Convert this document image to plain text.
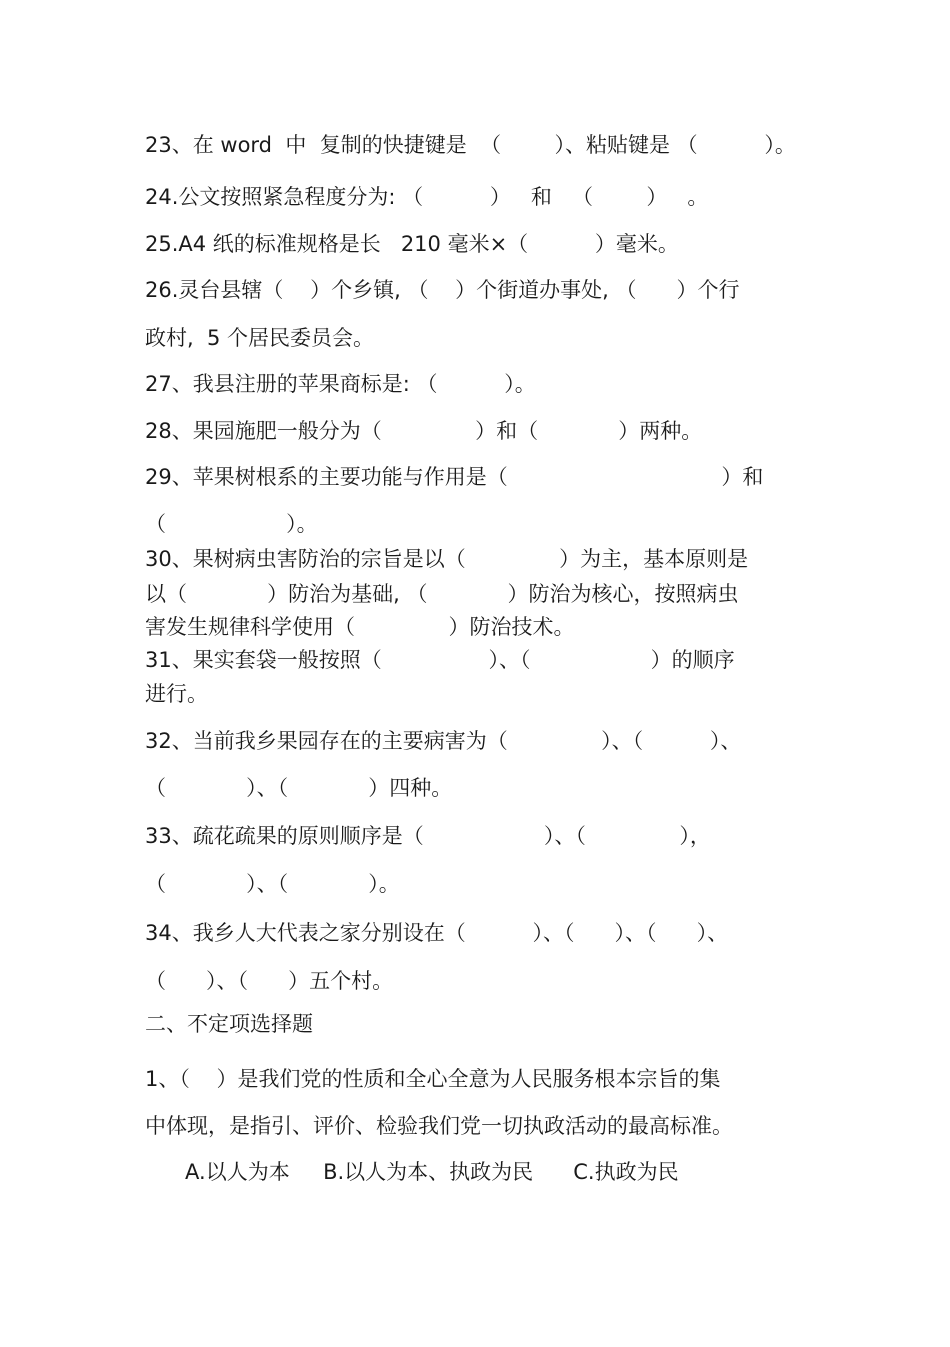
23、在 word  中  复制的快捷键是  （        ）、粘贴键是 （          ）。
24.公文按照紧急程度分为: （          ）   和   （        ）   。
25.A4 纸的标准规格是长   210 毫米×（          ）毫米。
26.灵台县辖（    ）个乡镇, （    ）个街道办事处, （      ）个行
政村,  5 个居民委员会。
27、我县注册的苹果商标是: （          ）。
28、果园施肥一般分为（              ）和（            ）两种。
29、苹果树根系的主要功能与作用是（                                ）和
（                  ）。
30、果树病虫害防治的宗旨是以（              ）为主，基本原则是
以（            ）防治为基础, （            ）防治为核心，按照病虫
害发生规律科学使用（              ）防治技术。
31、果实套袋一般按照（                ）、（                  ）的顺序
进行。
32、当前我乡果园存在的主要病害为（              ）、（          ）、
（            ）、（            ）四种。
33、疏花疏果的原则顺序是（                  ）、（              ），
（            ）、（            ）。
34、我乡人大代表之家分别设在（          ）、（      ）、（      ）、
（      ）、（      ）五个村。
二、不定项选择题
1、（    ）是我们党的性质和全心全意为人民服务根本宗旨的集
中体现，是指引、评价、检验我们党一切执政活动的最高标准。
A.以人为本     B.以人为本、执政为民      C.执政为民
